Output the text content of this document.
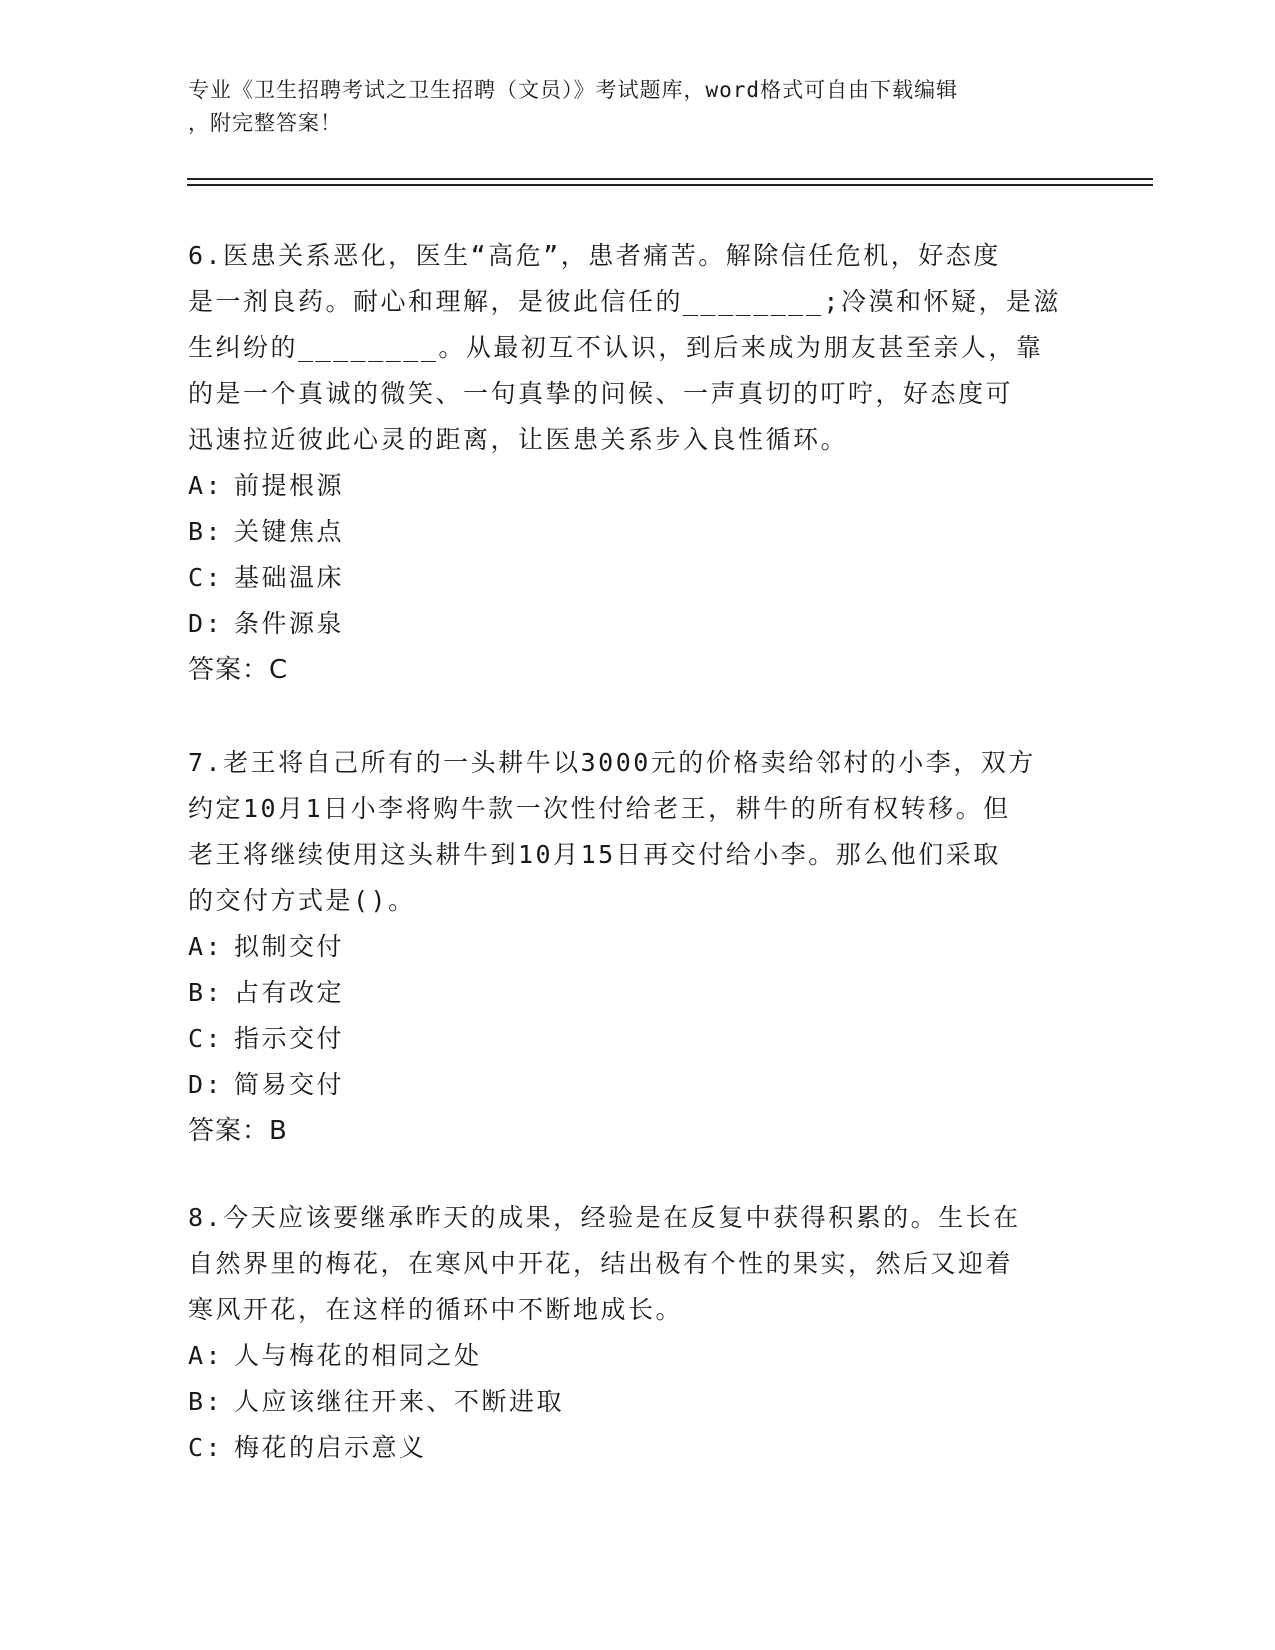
专业《卫生招聘考试之卫生招聘（文员）》考试题库，word格式可自由下载编辑
，附完整答案！
6.医患关系恶化，医生“高危”，患者痛苦。解除信任危机，好态度
是一剂良药。耐心和理解，是彼此信任的________;冷漠和怀疑，是滋
生纠纷的________。从最初互不认识，到后来成为朋友甚至亲人，靠
的是一个真诚的微笑、一句真挚的问候、一声真切的叮咛，好态度可
迅速拉近彼此心灵的距离，让医患关系步入良性循环。
A: 前提根源
B: 关键焦点
C: 基础温床
D: 条件源泉
答案：C
7.老王将自己所有的一头耕牛以3000元的价格卖给邻村的小李，双方
约定10月1日小李将购牛款一次性付给老王，耕牛的所有权转移。但
老王将继续使用这头耕牛到10月15日再交付给小李。那么他们采取
的交付方式是()。
A: 拟制交付
B: 占有改定
C: 指示交付
D: 简易交付
答案：B
8.今天应该要继承昨天的成果，经验是在反复中获得积累的。生长在
自然界里的梅花，在寒风中开花，结出极有个性的果实，然后又迎着
寒风开花，在这样的循环中不断地成长。
A: 人与梅花的相同之处
B: 人应该继往开来、不断进取
C: 梅花的启示意义
